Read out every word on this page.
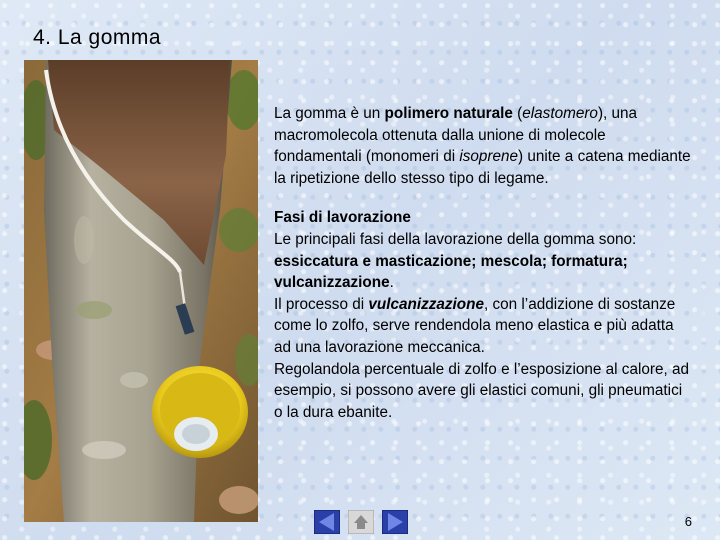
4. La gomma

La gomma è un polimero naturale (elastomero), una macromolecola ottenuta dalla unione di molecole fondamentali (monomeri di isoprene) unite a catena mediante la ripetizione dello stesso tipo di legame.

Fasi di lavorazione
Le principali fasi della lavorazione della gomma sono: essiccatura e masticazione; mescola; formatura; vulcanizzazione.
Il processo di vulcanizzazione, con l’addizione di sostanze come lo zolfo, serve rendendola meno elastica e più adatta ad una lavorazione meccanica.
Regolandola percentuale di zolfo e l’esposizione al calore, ad esempio, si possono avere gli elastici comuni, gli pneumatici o la dura ebanite.

6
